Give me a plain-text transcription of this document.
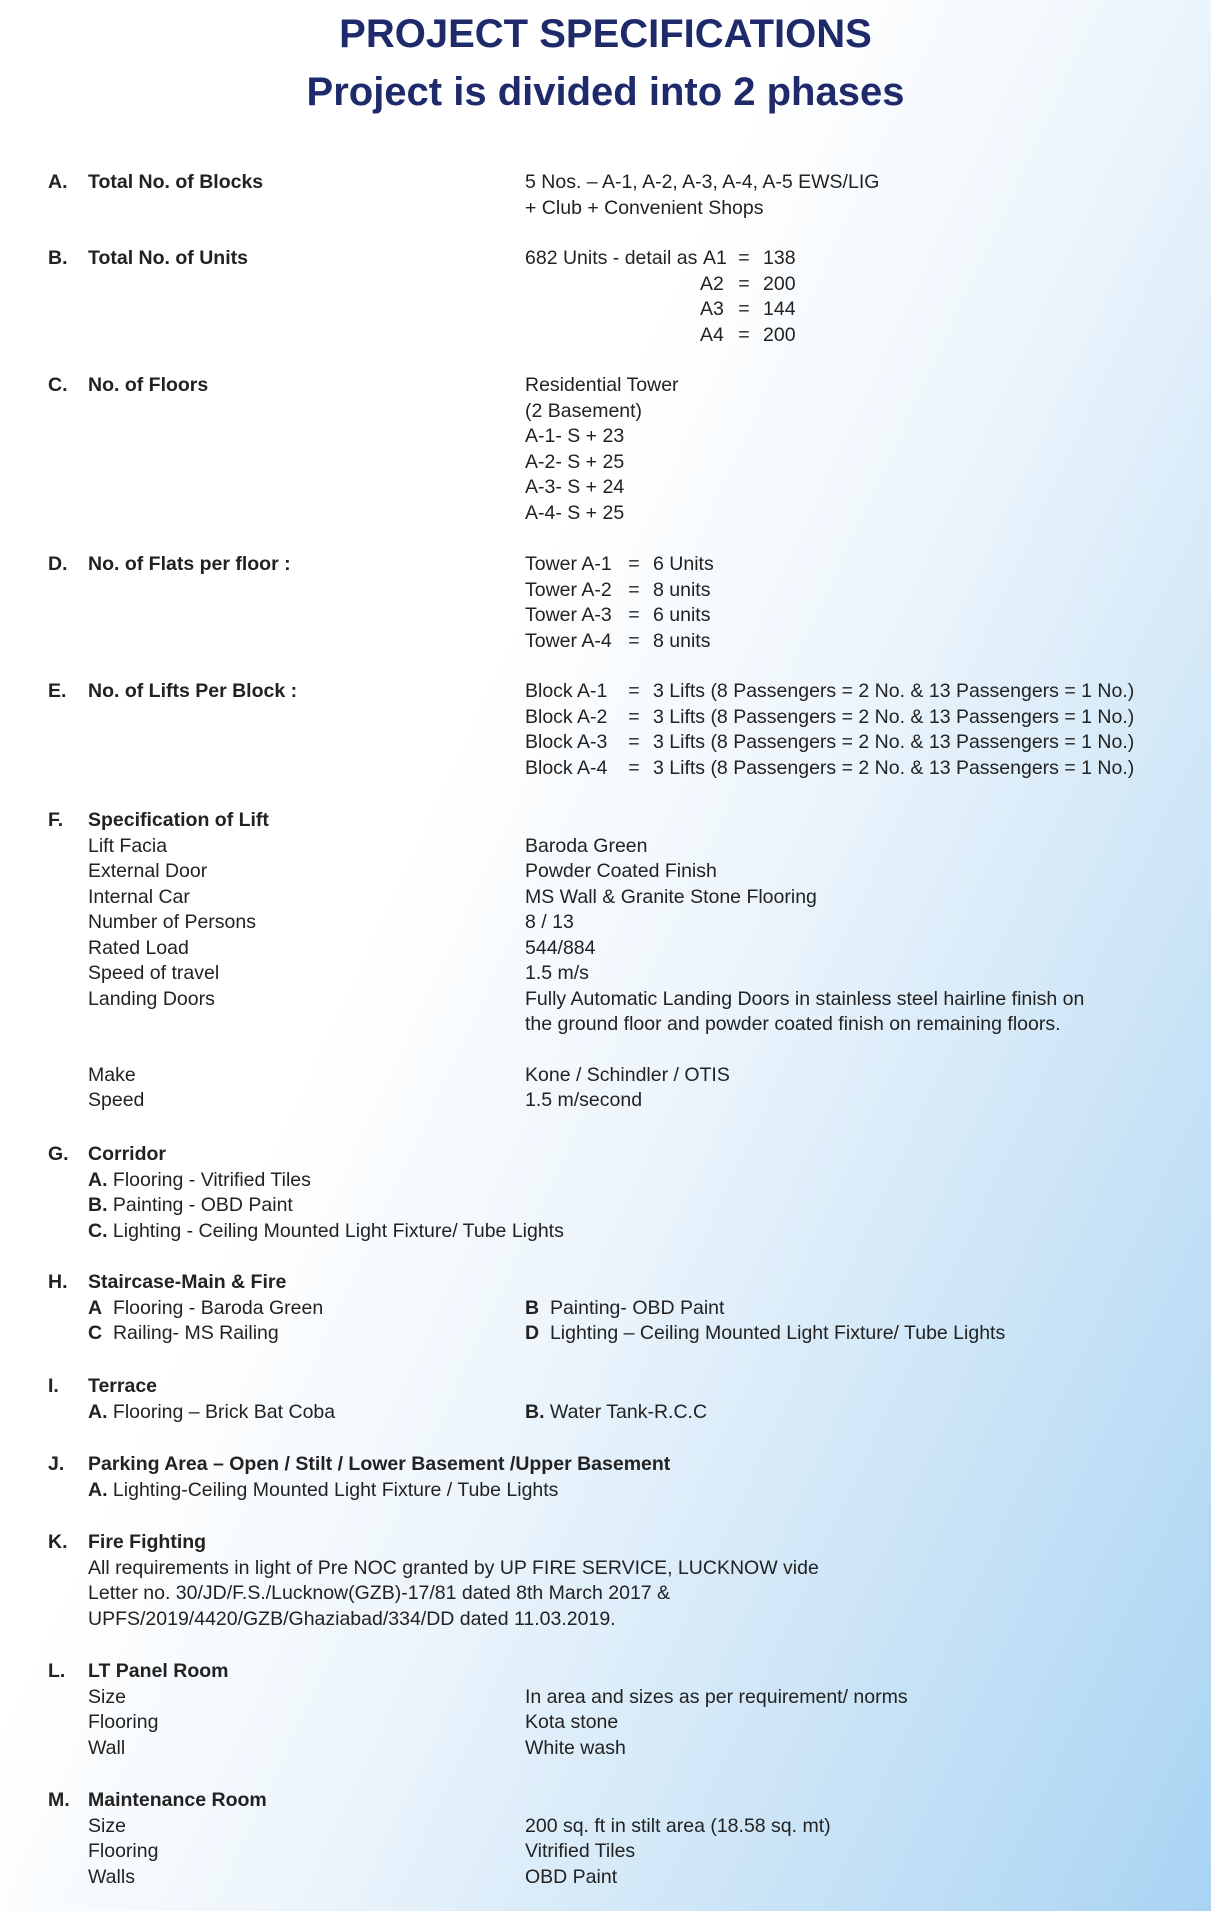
PROJECT SPECIFICATIONS
Project is divided into 2 phases
A.	Total No. of Blocks	5 Nos. – A-1, A-2, A-3, A-4, A-5 EWS/LIG
+ Club + Convenient Shops
B.	Total No. of Units	682 Units - detail as A1 = 138
A2 = 200
A3 = 144
A4 = 200
C.	No. of Floors	Residential Tower
(2 Basement)
A-1- S + 23
A-2- S + 25
A-3- S + 24
A-4- S + 25
D.	No. of Flats per floor :	Tower A-1 = 6 Units
Tower A-2 = 8 units
Tower A-3 = 6 units
Tower A-4 = 8 units
E.	No. of Lifts Per Block :	Block A-1 = 3 Lifts (8 Passengers = 2 No. & 13 Passengers = 1 No.)
Block A-2 = 3 Lifts (8 Passengers = 2 No. & 13 Passengers = 1 No.)
Block A-3 = 3 Lifts (8 Passengers = 2 No. & 13 Passengers = 1 No.)
Block A-4 = 3 Lifts (8 Passengers = 2 No. & 13 Passengers = 1 No.)
F.	Specification of Lift
Lift Facia	Baroda Green
External Door	Powder Coated Finish
Internal Car	MS Wall & Granite Stone Flooring
Number of Persons	8 / 13
Rated Load	544/884
Speed of travel	1.5 m/s
Landing Doors	Fully Automatic Landing Doors in stainless steel hairline finish on
the ground floor and powder coated finish on remaining floors.
Make	Kone / Schindler / OTIS
Speed	1.5 m/second
G. Corridor
A. Flooring - Vitrified Tiles
B. Painting - OBD Paint
C. Lighting - Ceiling Mounted Light Fixture/ Tube Lights
H.	Staircase-Main & Fire
A Flooring - Baroda Green	B Painting- OBD Paint
C Railing- MS Railing	D Lighting – Ceiling Mounted Light Fixture/ Tube Lights
I.	Terrace
A. Flooring – Brick Bat Coba	B. Water Tank-R.C.C
J.	Parking Area – Open / Stilt / Lower Basement /Upper Basement
A. Lighting-Ceiling Mounted Light Fixture / Tube Lights
K.	Fire Fighting
All requirements in light of Pre NOC granted by UP FIRE SERVICE, LUCKNOW vide
Letter no. 30/JD/F.S./Lucknow(GZB)-17/81 dated 8th March 2017 &
UPFS/2019/4420/GZB/Ghaziabad/334/DD dated 11.03.2019.
L.	LT Panel Room
Size	In area and sizes as per requirement/ norms
Flooring	Kota stone
Wall	White wash
M. Maintenance Room
Size	200 sq. ft in stilt area (18.58 sq. mt)
Flooring	Vitrified Tiles
Walls	OBD Paint
